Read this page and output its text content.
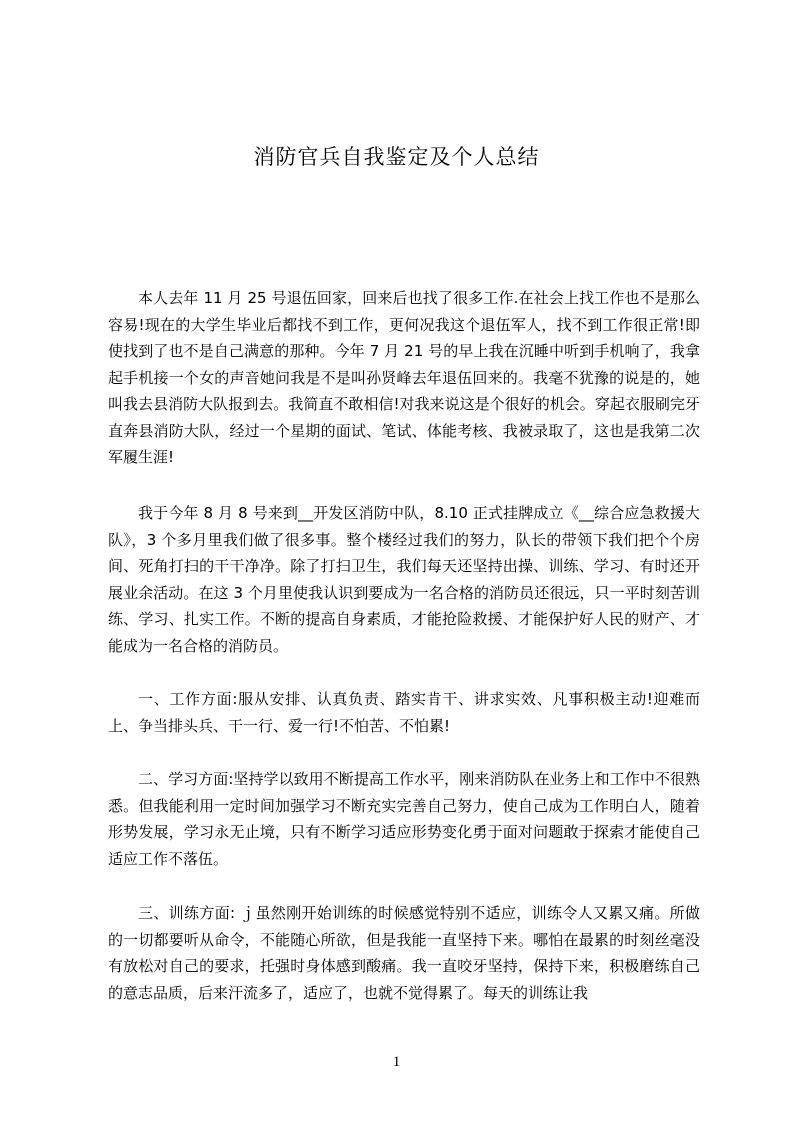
消防官兵自我鉴定及个人总结

本人去年 11 月 25 号退伍回家，回来后也找了很多工作.在社会上找工作也不是那么容易!现在的大学生毕业后都找不到工作，更何况我这个退伍军人，找不到工作很正常!即使找到了也不是自己满意的那种。今年 7 月 21 号的早上我在沉睡中听到手机响了，我拿起手机接一个女的声音她问我是不是叫孙贤峰去年退伍回来的。我毫不犹豫的说是的，她叫我去县消防大队报到去。我简直不敢相信!对我来说这是个很好的机会。穿起衣服刷完牙直奔县消防大队，经过一个星期的面试、笔试、体能考核、我被录取了，这也是我第二次军履生涯!

我于今年 8 月 8 号来到__开发区消防中队，8.10 正式挂牌成立《__综合应急救援大队》，3 个多月里我们做了很多事。整个楼经过我们的努力，队长的带领下我们把个个房间、死角打扫的干干净净。除了打扫卫生，我们每天还坚持出操、训练、学习、有时还开展业余活动。在这 3 个月里使我认识到要成为一名合格的消防员还很远，只一平时刻苦训练、学习、扎实工作。不断的提高自身素质，才能抢险救援、才能保护好人民的财产、才能成为一名合格的消防员。

一、工作方面:服从安排、认真负责、踏实肯干、讲求实效、凡事积极主动!迎难而上、争当排头兵、干一行、爱一行!不怕苦、不怕累!

二、学习方面:坚持学以致用不断提高工作水平，刚来消防队在业务上和工作中不很熟悉。但我能利用一定时间加强学习不断充实完善自己努力，使自己成为工作明白人，随着形势发展，学习永无止境，只有不断学习适应形势变化勇于面对问题敢于探索才能使自己适应工作不落伍。

三、训练方面: ｊ虽然刚开始训练的时候感觉特别不适应，训练令人又累又痛。所做的一切都要听从命令，不能随心所欲，但是我能一直坚持下来。哪怕在最累的时刻丝毫没有放松对自己的要求，托强时身体感到酸痛。我一直咬牙坚持，保持下来，积极磨练自己的意志品质，后来汗流多了，适应了，也就不觉得累了。每天的训练让我

1
